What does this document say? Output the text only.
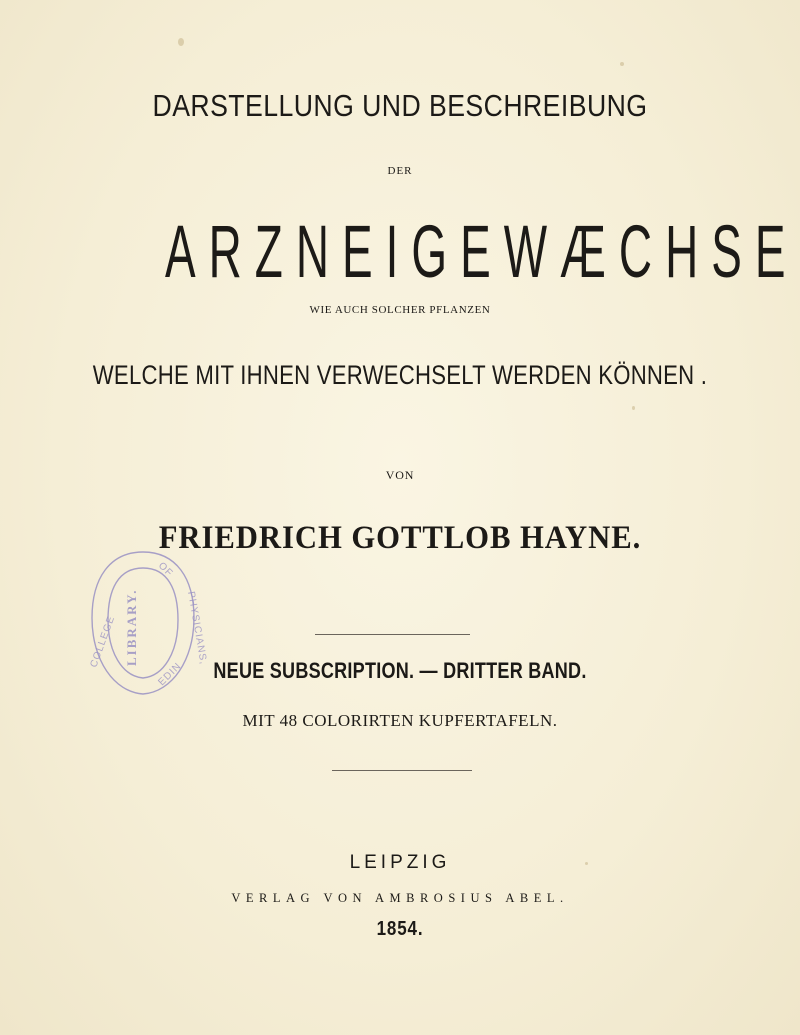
DARSTELLUNG UND BESCHREIBUNG

DER

ARZNEIGEWÆCHSE

WIE AUCH SOLCHER PFLANZEN

WELCHE MIT IHNEN VERWECHSELT WERDEN KÖNNEN .

VON

FRIEDRICH GOTTLOB HAYNE.

NEUE SUBSCRIPTION. — DRITTER BAND.

MIT 48 COLORIRTEN KUPFERTAFELN.

LEIPZIG

VERLAG VON AMBROSIUS ABEL.

1854.

COLLEGE
OF
PHYSICIANS,
EDIN
LIBRARY.
